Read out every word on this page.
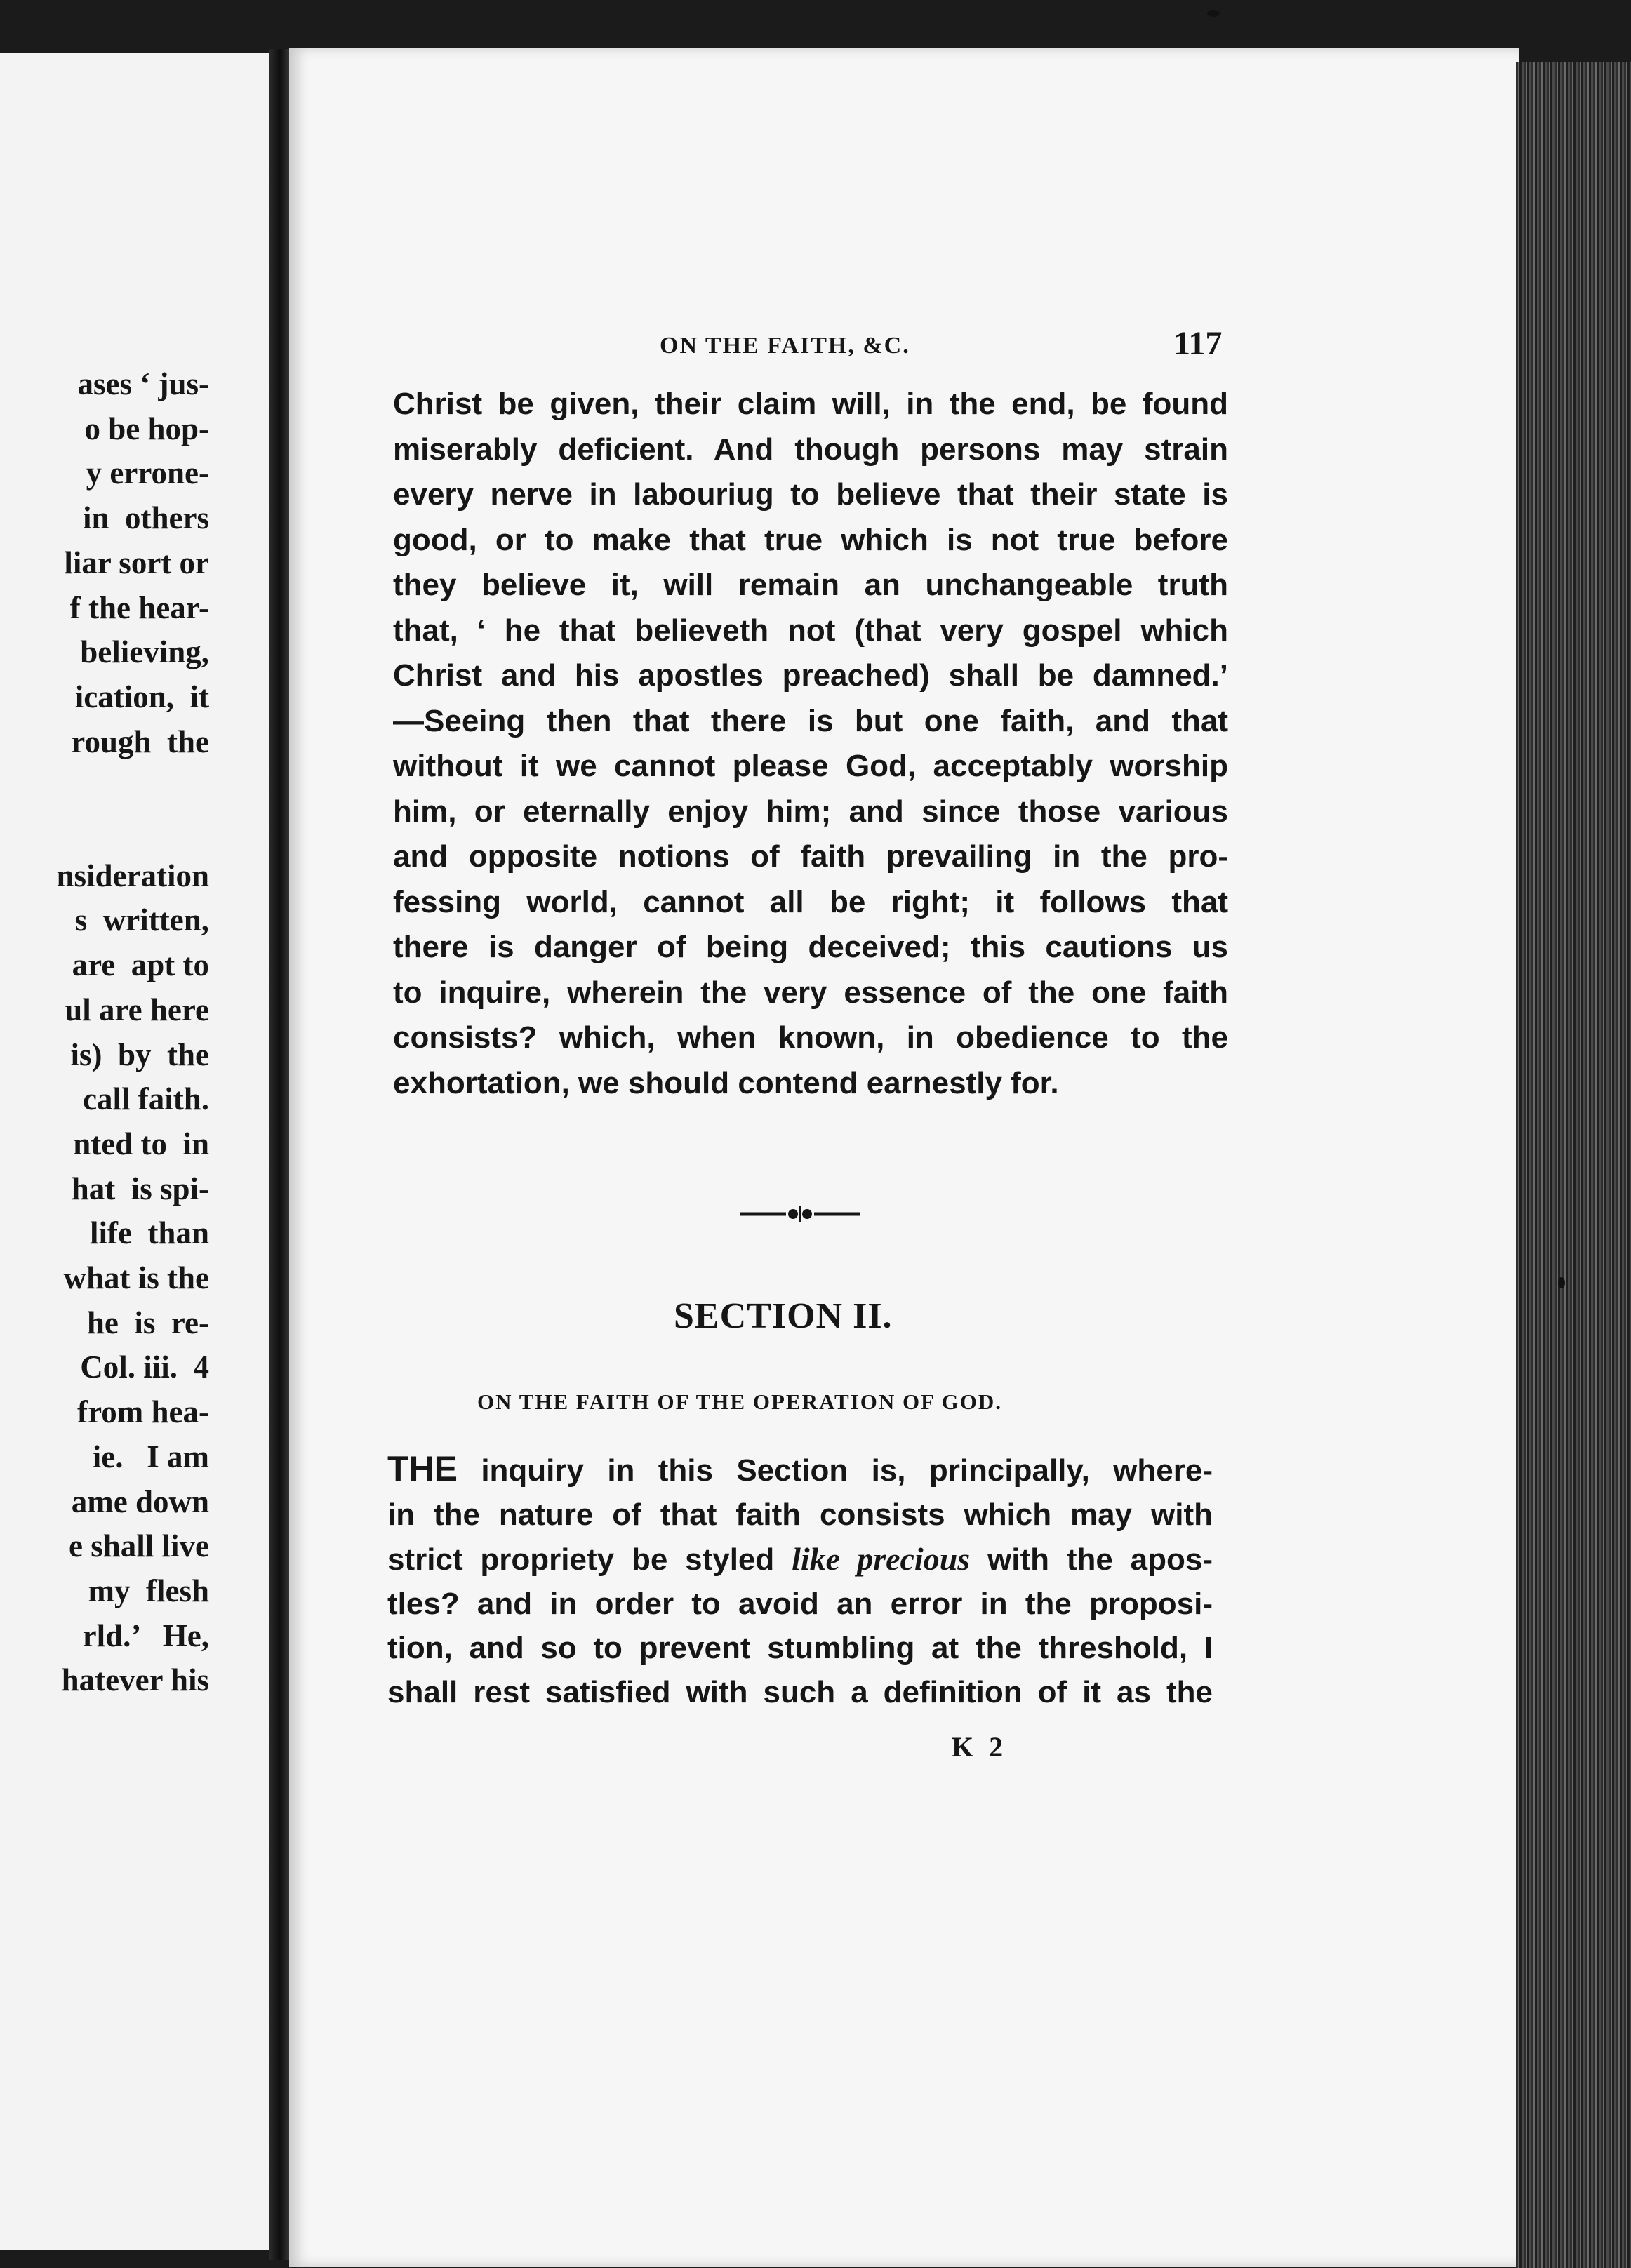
ases ‘ jus-
o be hop-
y errone-
in  others
liar sort or
f the hear-
believing,
ication,  it
rough  the

nsideration
s  written,
are  apt to
ul are here
is)  by  the
call faith.
nted to  in
hat  is spi-
life  than
what is the
he  is  re-
Col. iii.  4
from hea-
ie.   I am
ame down
e shall live
my  flesh
rld.’   He,
hatever his
ON THE FAITH, &C.	117
Christ be given, their claim will, in the end, be found
miserably deficient. And though persons may strain
every nerve in labouriug to believe that their state is
good, or to make that true which is not true before
they believe it, will remain an unchangeable truth
that, ‘ he that believeth not (that very gospel which
Christ and his apostles preached) shall be damned.’
—Seeing then that there is but one faith, and that
without it we cannot please God, acceptably worship
him, or eternally enjoy him; and since those various
and opposite notions of faith prevailing in the pro-
fessing world, cannot all be right; it follows that
there is danger of being deceived; this cautions us
to inquire, wherein the very essence of the one faith
consists? which, when known, in obedience to the
exhortation, we should contend earnestly for.
SECTION II.
ON THE FAITH OF THE OPERATION OF GOD.
THE inquiry in this Section is, principally, where-
in the nature of that faith consists which may with
strict propriety be styled like precious with the apos-
tles? and in order to avoid an error in the proposi-
tion, and so to prevent stumbling at the threshold, I
shall rest satisfied with such a definition of it as the
K 2
